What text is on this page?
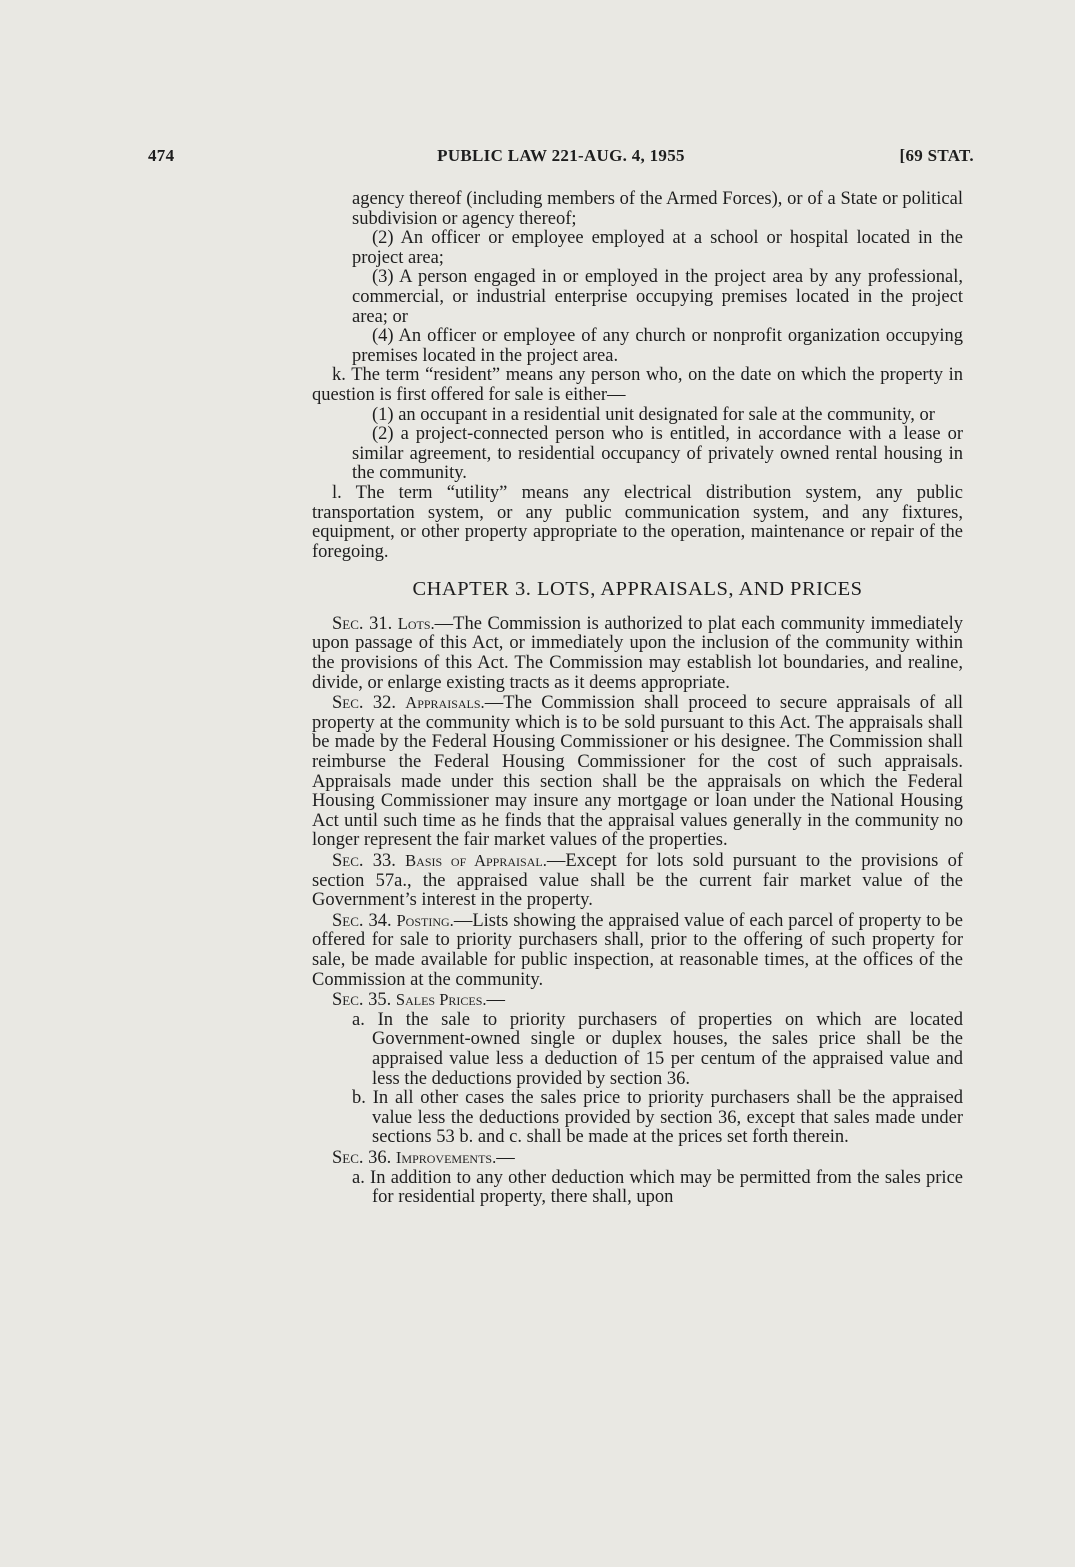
474	PUBLIC LAW 221-AUG. 4, 1955	[69 STAT.

agency thereof (including members of the Armed Forces), or of a State or political subdivision or agency thereof;

(2) An officer or employee employed at a school or hospital located in the project area;

(3) A person engaged in or employed in the project area by any professional, commercial, or industrial enterprise occupying premises located in the project area; or

(4) An officer or employee of any church or nonprofit organization occupying premises located in the project area.

k. The term “resident” means any person who, on the date on which the property in question is first offered for sale is either—

(1) an occupant in a residential unit designated for sale at the community, or

(2) a project-connected person who is entitled, in accordance with a lease or similar agreement, to residential occupancy of privately owned rental housing in the community.

l. The term “utility” means any electrical distribution system, any public transportation system, or any public communication system, and any fixtures, equipment, or other property appropriate to the operation, maintenance or repair of the foregoing.

CHAPTER 3. LOTS, APPRAISALS, AND PRICES

Sec. 31. Lots.—The Commission is authorized to plat each community immediately upon passage of this Act, or immediately upon the inclusion of the community within the provisions of this Act. The Commission may establish lot boundaries, and realine, divide, or enlarge existing tracts as it deems appropriate.

Sec. 32. Appraisals.—The Commission shall proceed to secure appraisals of all property at the community which is to be sold pursuant to this Act. The appraisals shall be made by the Federal Housing Commissioner or his designee. The Commission shall reimburse the Federal Housing Commissioner for the cost of such appraisals. Appraisals made under this section shall be the appraisals on which the Federal Housing Commissioner may insure any mortgage or loan under the National Housing Act until such time as he finds that the appraisal values generally in the community no longer represent the fair market values of the properties.

Sec. 33. Basis of Appraisal.—Except for lots sold pursuant to the provisions of section 57a., the appraised value shall be the current fair market value of the Government’s interest in the property.

Sec. 34. Posting.—Lists showing the appraised value of each parcel of property to be offered for sale to priority purchasers shall, prior to the offering of such property for sale, be made available for public inspection, at reasonable times, at the offices of the Commission at the community.

Sec. 35. Sales Prices.—

a. In the sale to priority purchasers of properties on which are located Government-owned single or duplex houses, the sales price shall be the appraised value less a deduction of 15 per centum of the appraised value and less the deductions provided by section 36.

b. In all other cases the sales price to priority purchasers shall be the appraised value less the deductions provided by section 36, except that sales made under sections 53 b. and c. shall be made at the prices set forth therein.

Sec. 36. Improvements.—

a. In addition to any other deduction which may be permitted from the sales price for residential property, there shall, upon
